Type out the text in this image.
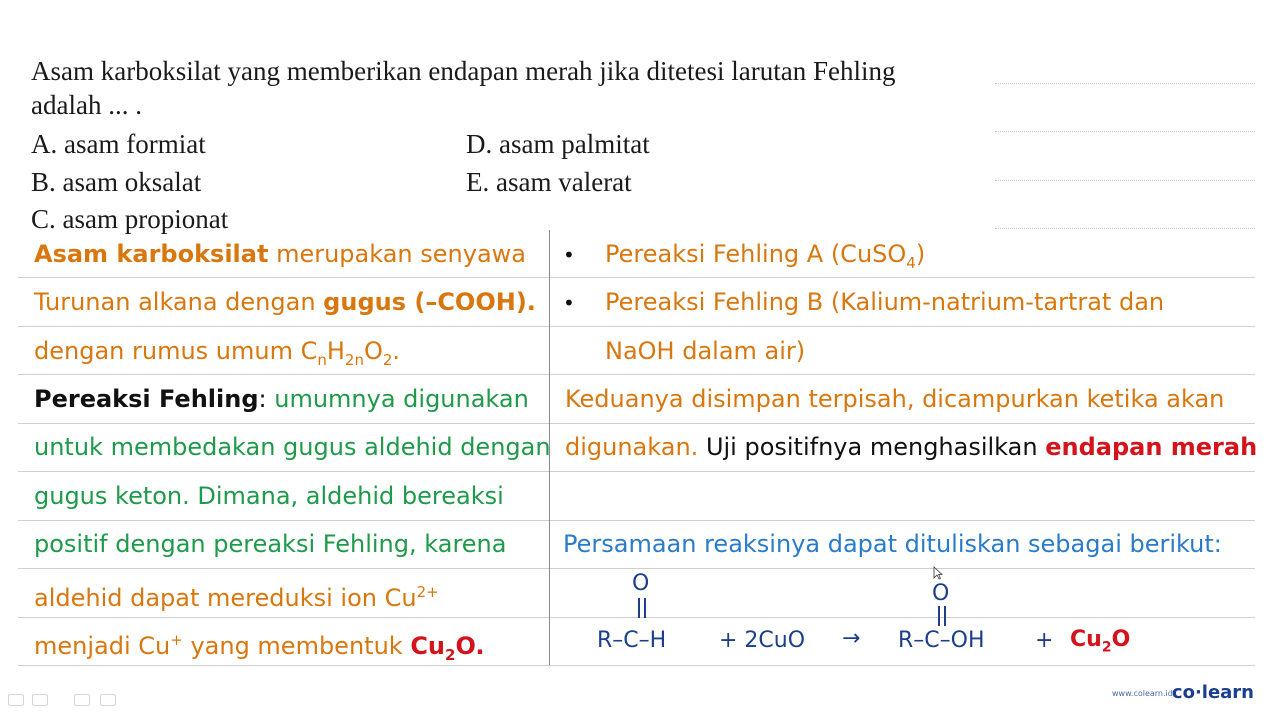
Asam karboksilat yang memberikan endapan merah jika ditetesi larutan Fehling
adalah ... .
A. asam formiat
B. asam oksalat
C. asam propionat
D. asam palmitat
E. asam valerat
Asam karboksilat merupakan senyawa
Turunan alkana dengan gugus (–COOH).
dengan rumus umum $C_nH_{2n}O_2$.
Pereaksi Fehling: umumnya digunakan
untuk membedakan gugus aldehid dengan
gugus keton. Dimana, aldehid bereaksi
positif dengan pereaksi Fehling, karena
aldehid dapat mereduksi ion $Cu^{2+}$
menjadi Cu+ yang membentuk $Cu_2O$.
• Pereaksi Fehling A (CuSO$_4$)
• Pereaksi Fehling B (Kalium-natrium-tartrat dan
NaOH dalam air)
Keduanya disimpan terpisah, dicampurkan ketika akan
digunakan. Uji positifnya menghasilkan endapan merah
Persamaan reaksinya dapat dituliskan sebagai berikut:
O
R–C–H + 2CuO →
O
$R-C-OH + Cu_2O$
www.colearn.id co·learn
